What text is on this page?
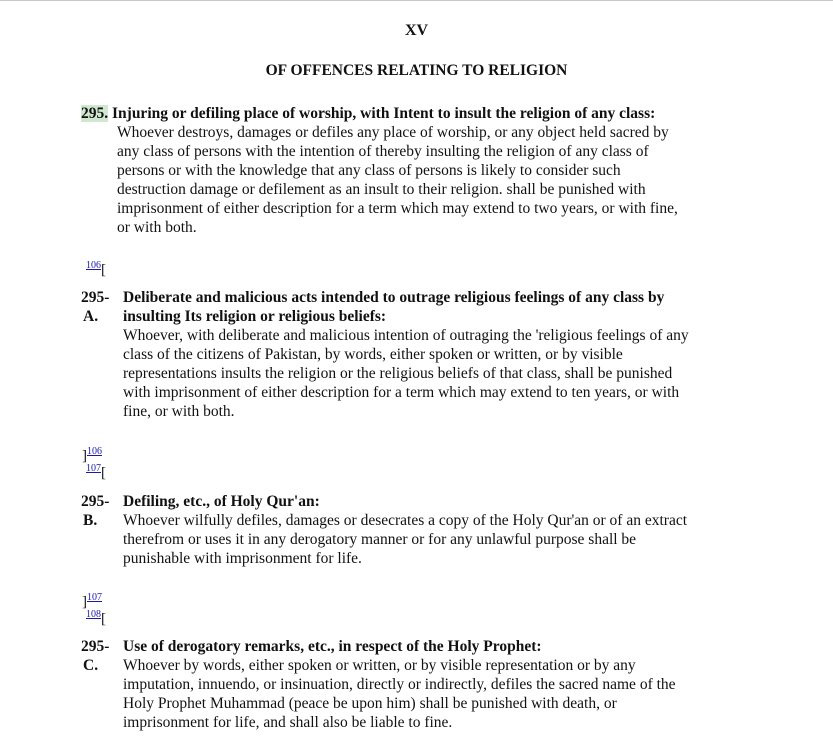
XV
OF OFFENCES RELATING TO RELIGION
295. Injuring or defiling place of worship, with Intent to insult the religion of any class:
Whoever destroys, damages or defiles any place of worship, or any object held sacred by
any class of persons with the intention of thereby insulting the religion of any class of
persons or with the knowledge that any class of persons is likely to consider such
destruction damage or defilement as an insult to their religion. shall be punished with
imprisonment of either description for a term which may extend to two years, or with fine,
or with both.
$^{106}$[
295-
A.
Deliberate and malicious acts intended to outrage religious feelings of any class by
insulting Its religion or religious beliefs:
Whoever, with deliberate and malicious intention of outraging the 'religious feelings of any
class of the citizens of Pakistan, by words, either spoken or written, or by visible
representations insults the religion or the religious beliefs of that class, shall be punished
with imprisonment of either description for a term which may extend to ten years, or with
fine, or with both.
]$^{106}$
$^{107}$[
295-
B.
Defiling, etc., of Holy Qur'an:
Whoever wilfully defiles, damages or desecrates a copy of the Holy Qur'an or of an extract
therefrom or uses it in any derogatory manner or for any unlawful purpose shall be
punishable with imprisonment for life.
]$^{107}$
$^{108}$[
295-
C.
Use of derogatory remarks, etc., in respect of the Holy Prophet:
Whoever by words, either spoken or written, or by visible representation or by any
imputation, innuendo, or insinuation, directly or indirectly, defiles the sacred name of the
Holy Prophet Muhammad (peace be upon him) shall be punished with death, or
imprisonment for life, and shall also be liable to fine.
